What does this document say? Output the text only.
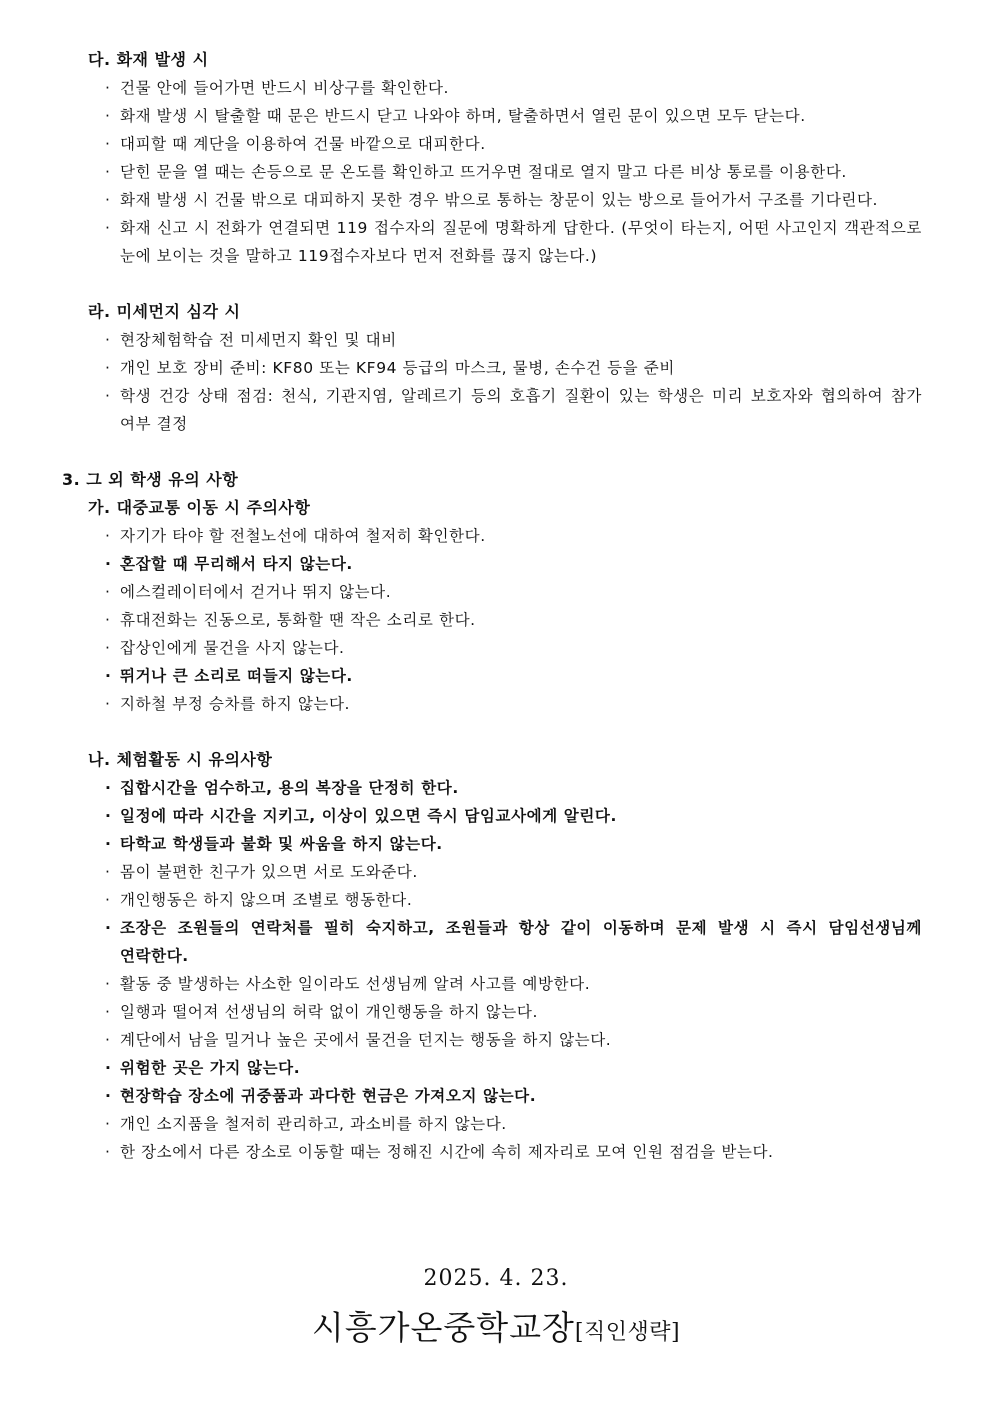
다. 화재 발생 시
· 건물 안에 들어가면 반드시 비상구를 확인한다.
· 화재 발생 시 탈출할 때 문은 반드시 닫고 나와야 하며, 탈출하면서 열린 문이 있으면 모두 닫는다.
· 대피할 때 계단을 이용하여 건물 바깥으로 대피한다.
· 닫힌 문을 열 때는 손등으로 문 온도를 확인하고 뜨거우면 절대로 열지 말고 다른 비상 통로를 이용한다.
· 화재 발생 시 건물 밖으로 대피하지 못한 경우 밖으로 통하는 창문이 있는 방으로 들어가서 구조를 기다린다.
· 화재 신고 시 전화가 연결되면 119 접수자의 질문에 명확하게 답한다. (무엇이 타는지, 어떤 사고인지 객관적으로 눈에 보이는 것을 말하고 119접수자보다 먼저 전화를 끊지 않는다.)
라. 미세먼지 심각 시
· 현장체험학습 전 미세먼지 확인 및 대비
· 개인 보호 장비 준비: KF80 또는 KF94 등급의 마스크, 물병, 손수건 등을 준비
· 학생 건강 상태 점검: 천식, 기관지염, 알레르기 등의 호흡기 질환이 있는 학생은 미리 보호자와 협의하여 참가 여부 결정
3. 그 외 학생 유의 사항
가. 대중교통 이동 시 주의사항
· 자기가 타야 할 전철노선에 대하여 철저히 확인한다.
· 혼잡할 때 무리해서 타지 않는다.
· 에스컬레이터에서 걷거나 뛰지 않는다.
· 휴대전화는 진동으로, 통화할 땐 작은 소리로 한다.
· 잡상인에게 물건을 사지 않는다.
· 뛰거나 큰 소리로 떠들지 않는다.
· 지하철 부정 승차를 하지 않는다.
나. 체험활동 시 유의사항
· 집합시간을 엄수하고, 용의 복장을 단정히 한다.
· 일정에 따라 시간을 지키고, 이상이 있으면 즉시 담임교사에게 알린다.
· 타학교 학생들과 불화 및 싸움을 하지 않는다.
· 몸이 불편한 친구가 있으면 서로 도와준다.
· 개인행동은 하지 않으며 조별로 행동한다.
· 조장은 조원들의 연락처를 필히 숙지하고, 조원들과 항상 같이 이동하며 문제 발생 시 즉시 담임선생님께 연락한다.
· 활동 중 발생하는 사소한 일이라도 선생님께 알려 사고를 예방한다.
· 일행과 떨어져 선생님의 허락 없이 개인행동을 하지 않는다.
· 계단에서 남을 밀거나 높은 곳에서 물건을 던지는 행동을 하지 않는다.
· 위험한 곳은 가지 않는다.
· 현장학습 장소에 귀중품과 과다한 현금은 가져오지 않는다.
· 개인 소지품을 철저히 관리하고, 과소비를 하지 않는다.
· 한 장소에서 다른 장소로 이동할 때는 정해진 시간에 속히 제자리로 모여 인원 점검을 받는다.
2025. 4. 23.
시흥가온중학교장[직인생략]
